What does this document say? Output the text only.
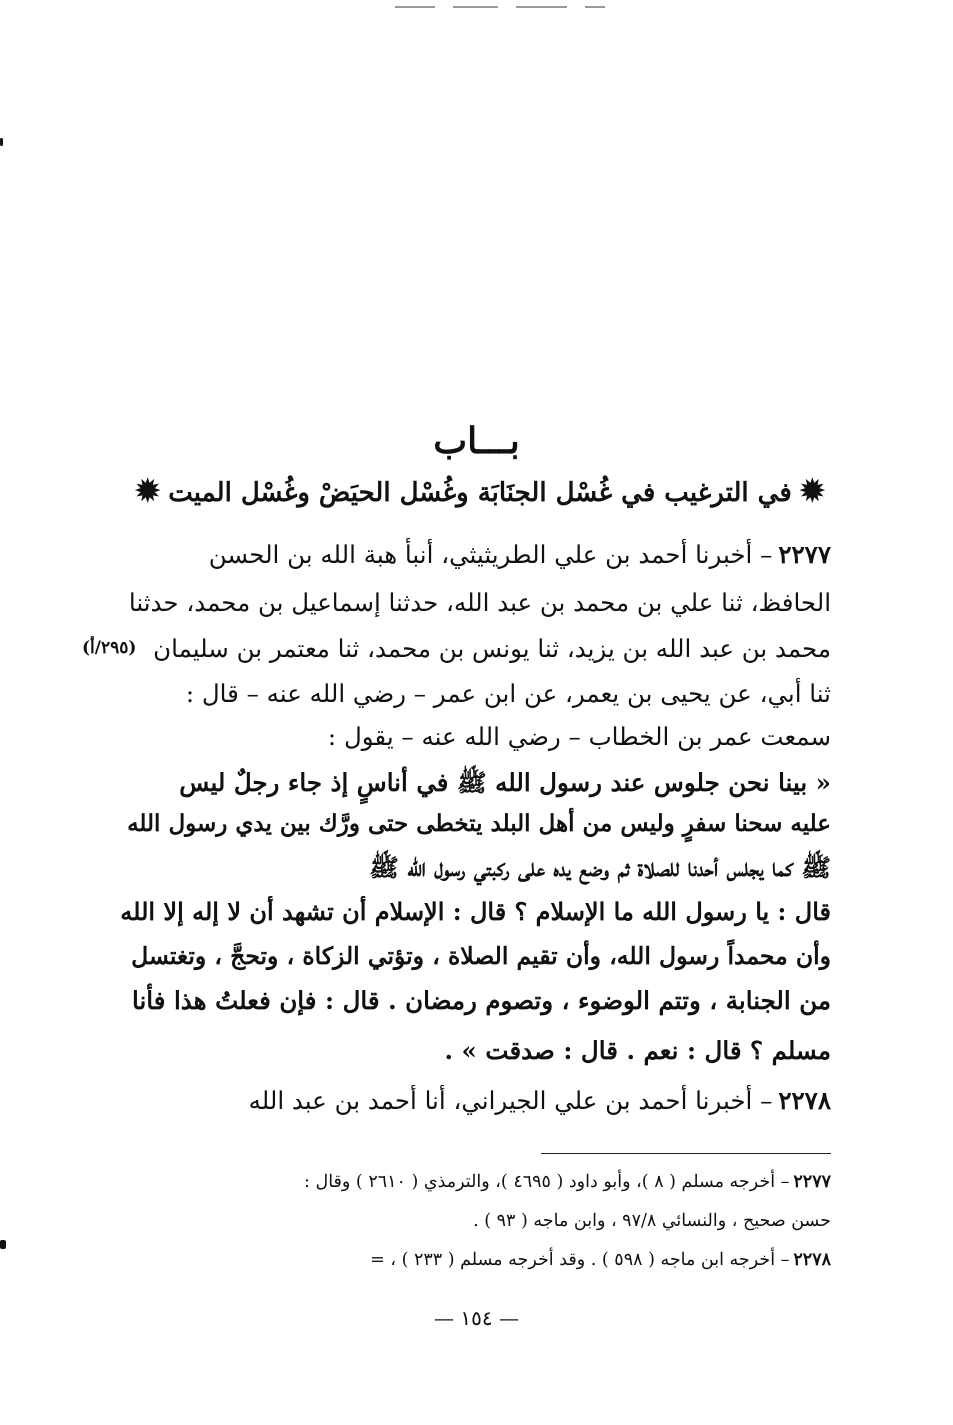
بـــاب
✹في الترغيب في غُسْل الجنَابَة وغُسْل الحيَضْ وغُسْل الميت✹
٢٢٧٧– أخبرنا أحمد بن علي الطريثيثي، أنبأ هبة الله بن الحسن
الحافظ، ثنا علي بن محمد بن عبد الله، حدثنا إسماعيل بن محمد، حدثنا
محمد بن عبد الله بن يزيد، ثنا يونس بن محمد، ثنا معتمر بن سليمان
(٢٩٥/أ)
ثنا أبي، عن يحيى بن يعمر، عن ابن عمر – رضي الله عنه – قال :
سمعت عمر بن الخطاب – رضي الله عنه – يقول :
« بينا نحن جلوس عند رسول الله ﷺ في أناسٍ إذ جاء رجلٌ ليس
عليه سحنا سفرٍ وليس من أهل البلد يتخطى حتى ورَّك بين يدي رسول الله
ﷺ كما يجلس أحدنا للصلاة ثم وضع يده على ركبتي رسول الله ﷺ
قال : يا رسول الله ما الإسلام ؟ قال : الإسلام أن تشهد أن لا إله إلا الله
وأن محمداً رسول الله، وأن تقيم الصلاة ، وتؤتي الزكاة ، وتحجَّ ، وتغتسل
من الجنابة ، وتتم الوضوء ، وتصوم رمضان . قال : فإن فعلتُ هذا فأنا
مسلم ؟ قال : نعم . قال : صدقت » .
٢٢٧٨– أخبرنا أحمد بن علي الجيراني، أنا أحمد بن عبد الله
٢٢٧٧– أخرجه مسلم ( ٨ )، وأبو داود ( ٤٦٩٥ )، والترمذي ( ٢٦١٠ ) وقال :
حسن صحيح ، والنسائي ٩٧/٨ ، وابن ماجه ( ٩٣ ) .
٢٢٧٨– أخرجه ابن ماجه ( ٥٩٨ ) . وقد أخرجه مسلم ( ٢٣٣ ) ، =
— ١٥٤ —
